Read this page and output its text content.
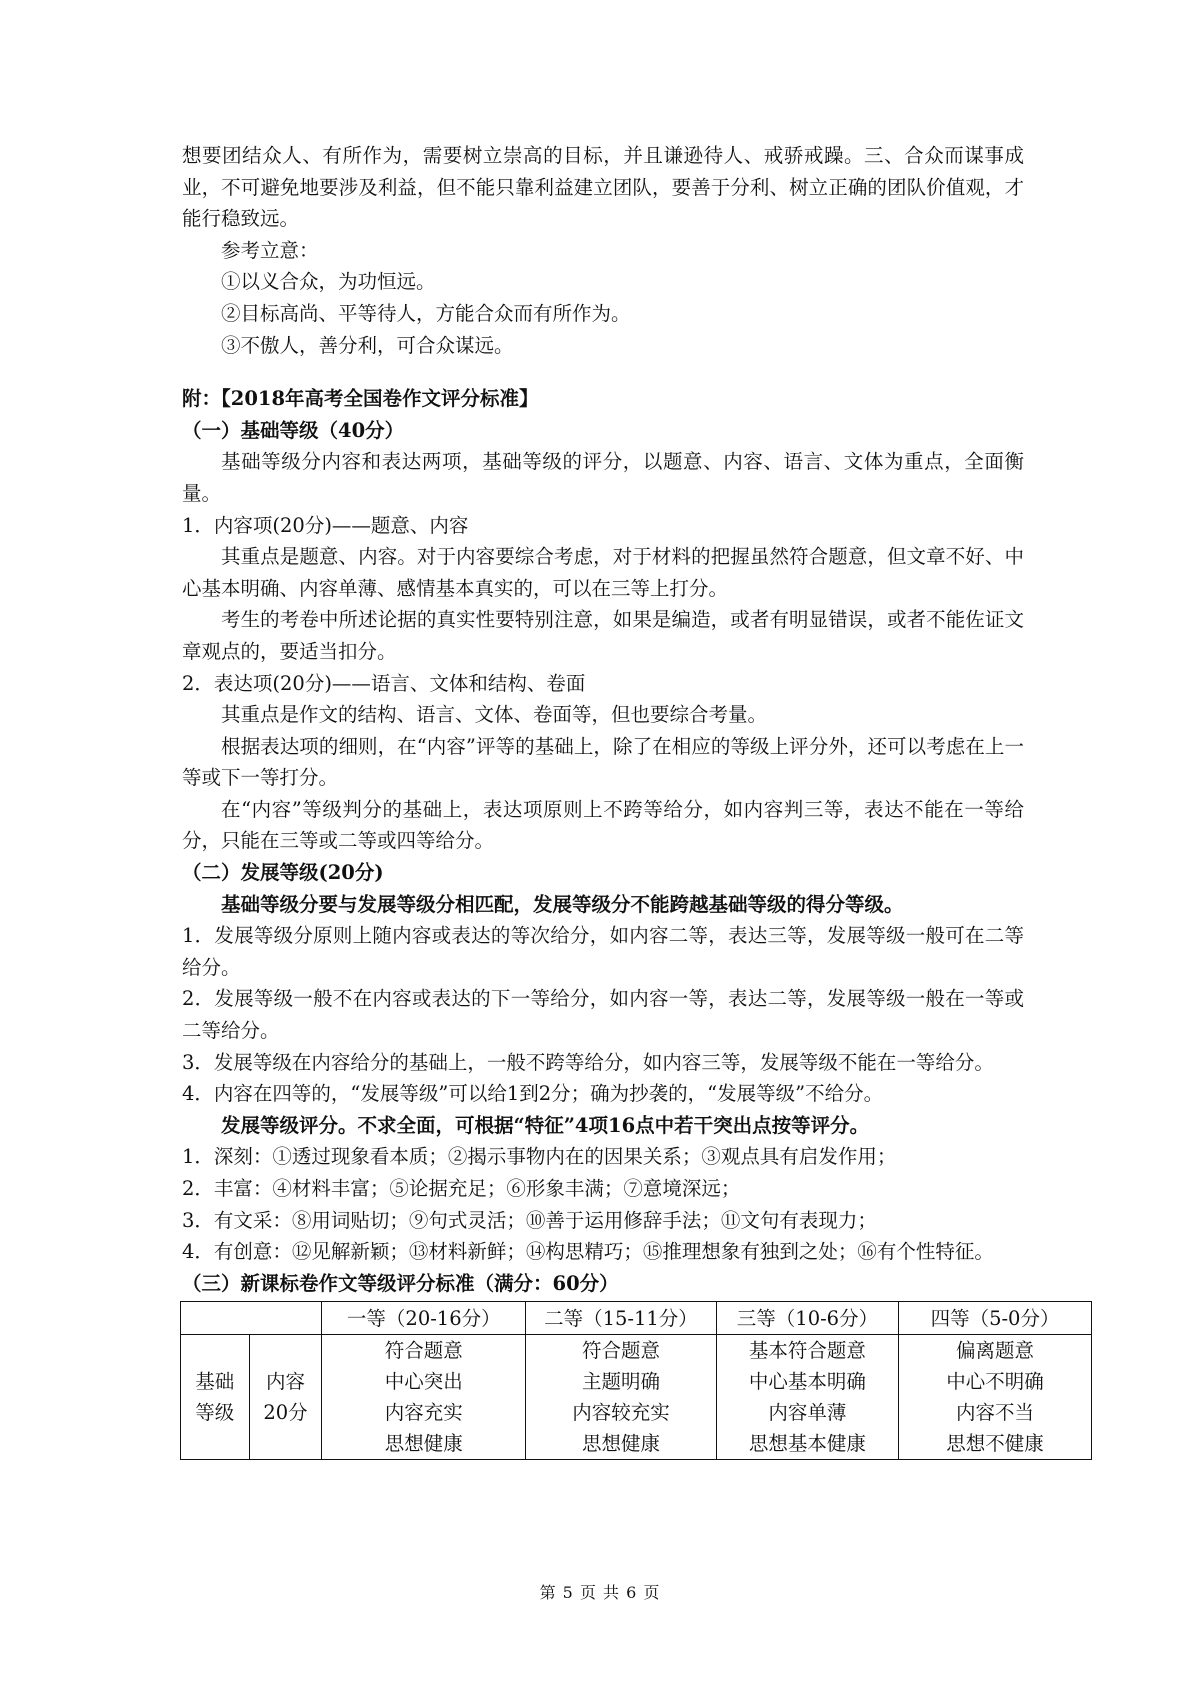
想要团结众人、有所作为，需要树立崇高的目标，并且谦逊待人、戒骄戒躁。三、合众而谋事成业，不可避免地要涉及利益，但不能只靠利益建立团队，要善于分利、树立正确的团队价值观，才能行稳致远。

参考立意：

①以义合众，为功恒远。

②目标高尚、平等待人，方能合众而有所作为。

③不傲人，善分利，可合众谋远。

附：【2018年高考全国卷作文评分标准】

（一）基础等级（40分）

基础等级分内容和表达两项，基础等级的评分，以题意、内容、语言、文体为重点，全面衡量。

1．内容项(20分)——题意、内容

其重点是题意、内容。对于内容要综合考虑，对于材料的把握虽然符合题意，但文章不好、中心基本明确、内容单薄、感情基本真实的，可以在三等上打分。

考生的考卷中所述论据的真实性要特别注意，如果是编造，或者有明显错误，或者不能佐证文章观点的，要适当扣分。

2．表达项(20分)——语言、文体和结构、卷面

其重点是作文的结构、语言、文体、卷面等，但也要综合考量。

根据表达项的细则，在“内容”评等的基础上，除了在相应的等级上评分外，还可以考虑在上一等或下一等打分。

在“内容”等级判分的基础上，表达项原则上不跨等给分，如内容判三等，表达不能在一等给分，只能在三等或二等或四等给分。

（二）发展等级(20分)

基础等级分要与发展等级分相匹配，发展等级分不能跨越基础等级的得分等级。

1．发展等级分原则上随内容或表达的等次给分，如内容二等，表达三等，发展等级一般可在二等给分。

2．发展等级一般不在内容或表达的下一等给分，如内容一等，表达二等，发展等级一般在一等或二等给分。

3．发展等级在内容给分的基础上，一般不跨等给分，如内容三等，发展等级不能在一等给分。

4．内容在四等的，“发展等级”可以给1到2分；确为抄袭的，“发展等级”不给分。

发展等级评分。不求全面，可根据“特征”4项16点中若干突出点按等评分。

1．深刻：①透过现象看本质；②揭示事物内在的因果关系；③观点具有启发作用；

2．丰富：④材料丰富；⑤论据充足；⑥形象丰满；⑦意境深远；

3．有文采：⑧用词贴切；⑨句式灵活；⑩善于运用修辞手法；⑪文句有表现力；

4．有创意：⑫见解新颖；⑬材料新鲜；⑭构思精巧；⑮推理想象有独到之处；⑯有个性特征。

（三）新课标卷作文等级评分标准（满分：60分）

		一等（20-16分）	二等（15-11分）	三等（10-6分）	四等（5-0分）

基础
等级	内容
20分	符合题意
中心突出
内容充实
思想健康	符合题意
主题明确
内容较充实
思想健康	基本符合题意
中心基本明确
内容单薄
思想基本健康	偏离题意
中心不明确
内容不当
思想不健康
第 5 页 共 6 页
